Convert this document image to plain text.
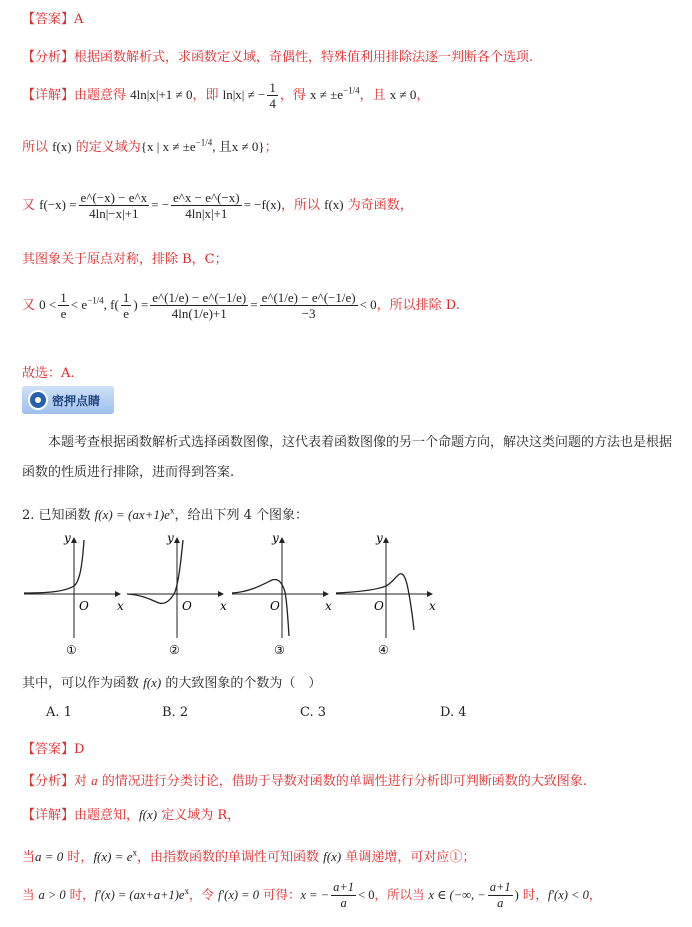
【答案】A
【分析】根据函数解析式，求函数定义域，奇偶性，特殊值利用排除法逐一判断各个选项.
【详解】由题意得 4ln|x|+1 ≠ 0，即 ln|x| ≠ − $\frac{1}{4}$ ，得 $x \ne \pm e^{-1/4}$，且 x ≠ 0，
所以 f(x) 的定义域为{x | $x \ne \pm e^{-1/4}$, 且x ≠ 0}；
又 $f(-x) = \frac{e\^{}(-x) - e\^{}x}{4\ln|-x|+1}$ = − $\frac{e\^{}x - e\^{}(-x)}{4\ln|x|+1} = -f(x)$，所以 f(x) 为奇函数，
其图象关于原点对称，排除 B，C；
又 $0 < \frac{1}{e} < e^{-1/4}$, $f( \frac{1}{e}$ ) = $\frac{e\^{}(1/e) - e\^{}(-1/e)}{4\ln(1/e)+1} = \frac{e\^{}(1/e) - e\^{}(-1/e)}{-3} < 0$，所以排除 D.
故选：A.
密押点睛
本题考查根据函数解析式选择函数图像，这代表着函数图像的另一个命题方向，解决这类问题的方法也是根据函数的性质进行排除，进而得到答案.
2. 已知函数 $f(x) = (ax+1)e^x$，给出下列 4 个图象：
y
x
O
①
y
x
O
②
y
x
O
③
y
x
O
④
其中，可以作为函数 f(x) 的大致图象的个数为（　）
A. 1	B. 2	C. 3	D. 4
【答案】D
【分析】对 a 的情况进行分类讨论，借助于导数对函数的单调性进行分析即可判断函数的大致图象.
【详解】由题意知，f(x) 定义域为 R，
当a = 0 时，$f(x) = e^x$，由指数函数的单调性可知函数 f(x) 单调递增，可对应①；
当 a > 0 时，$f'(x) = (ax+a+1)e^x$，令 f′(x) = 0 可得：x = − $\frac{a+1}{a} < 0$，所以当 x ∈ (−∞, − $\frac{a+1}{a}$ ) 时，f′(x) < 0，
